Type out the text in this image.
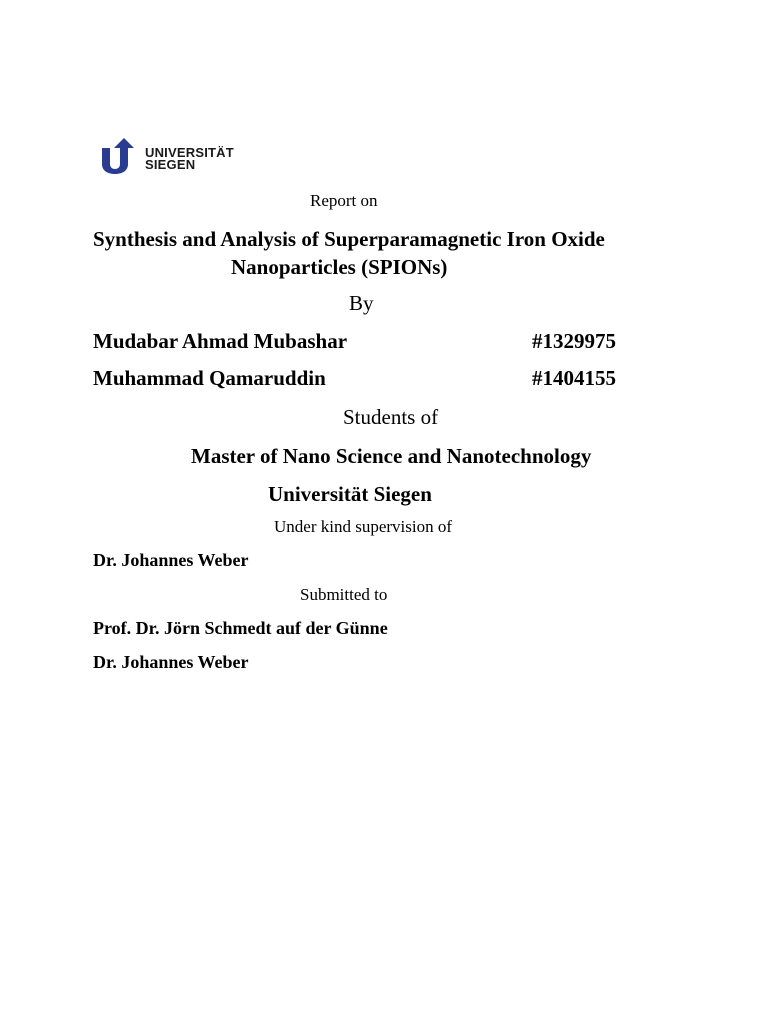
UNIVERSITÄT
SIEGEN
Report on
Synthesis and Analysis of Superparamagnetic Iron Oxide
Nanoparticles (SPIONs)
By
Mudabar Ahmad Mubashar	#1329975
Muhammad Qamaruddin	#1404155
Students of
Master of Nano Science and Nanotechnology
Universität Siegen
Under kind supervision of
Dr. Johannes Weber
Submitted to
Prof. Dr. Jörn Schmedt auf der Günne
Dr. Johannes Weber
